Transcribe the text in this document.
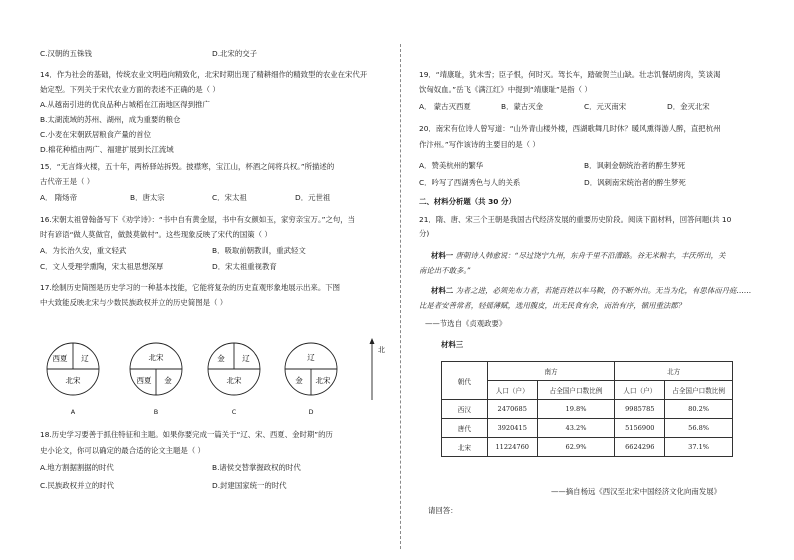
C.汉朝的五铢钱	D.北宋的交子
14．作为社会的基础，传统农业文明趋向精致化，北宋时期出现了精耕细作的精致型的农业在宋代开
始定型。下列关于宋代农业方面的表述不正确的是（ ）
A.从越南引进的优良品种占城稻在江南地区得到推广
B.太湖流域的苏州、湖州，成为重要的粮仓
C.小麦在宋朝跃居粮食产量的首位
D.棉花种植由两广、福建扩展到长江流域
15．“无言烽火楼，五十年，两桥驿站拆毁。披襟寒，宝江山，杯酒之间将兵权。”所描述的
古代帝王是（ ）
A． 隋炀帝	B．唐太宗	C．宋太祖	D．元世祖
16.宋朝太祖曾翰备写下《劝学诗》：“书中自有黄金屋，书中有女颜如玉，家穷亲宝万。”之句，当
时有谚语“做人莫做官，做鼓莫做村”。这些现象反映了宋代的国策（ ）
A．为长治久安，重文轻武	B．吸取前朝教训，重武轻文
C．文人受理学熏陶，宋太祖思想深厚	D．宋太祖重视教育
17.绘制历史简图是历史学习的一种基本技能，它能将复杂的历史直观形象地展示出来。下图
中大致能反映北宋与少数民族政权并立的历史简图是（ ）
西夏 辽
北宋
A
北宋
西夏 金
B
金 辽
北宋
C
辽
金 北宋
D
北
18.历史学习要善于抓住特征和主题。如果你要完成一篇关于“辽、宋、西夏、金时期”的历
史小论文，你可以确定的最合适的论文主题是（ ）
A.地方割据割据的时代	B.诸侯交替掌握政权的时代
C.民族政权并立的时代	D.封建国家统一的时代
19．“靖康耻，犹未雪；臣子恨，何时灭。驾长车，踏破贺兰山缺。壮志饥餐胡虏肉，笑谈渴
饮匈奴血。”岳飞《满江红》中提到“靖康耻”是指（ ）
A． 蒙古灭西夏	B．蒙古灭金	C．元灭南宋	D．金灭北宋
20．南宋有位诗人曾写道：“山外青山楼外楼，西湖歌舞几时休？暖风熏得游人醉，直把杭州
作汴州。”写作该诗的主要目的是（ ）
A．赞美杭州的繁华	B．讽刺金朝统治者的醉生梦死
C．吟写了西湖秀色与人的关系	D．讽刺南宋统治者的醉生梦死
二、材料分析题（共 30 分）
21．隋、唐、宋三个王朝是我国古代经济发展的重要历史阶段。阅读下面材料，回答问题(共 10
分)
材料一 唐朝诗人韩愈说：“尽过饶宁九州，东舟千里不沿漕路。谷无米粮丰，丰沃所出，关
南论出不敢多。”
材料二 为者之进，必须先布力者，若能百姓以车马鞍，仍不断外出。无当为化，有思体而丹庭……
比是者安善常者，轻徭薄赋，选用腹皮，出无民食有余，而治有序，循用重法郡？
——节选自《贞观政要》
材料三
——摘自杨远《西汉至北宋中国经济文化向南发展》
请回答：
朝代	南方		北方	
	人口（户）	占全国户口数比例	人口（户）	占全国户口数比例
西汉	2470685	19.8%	9985785	80.2%
唐代	3920415	43.2%	5156900	56.8%
北宋	11224760	62.9%	6624296	37.1%
